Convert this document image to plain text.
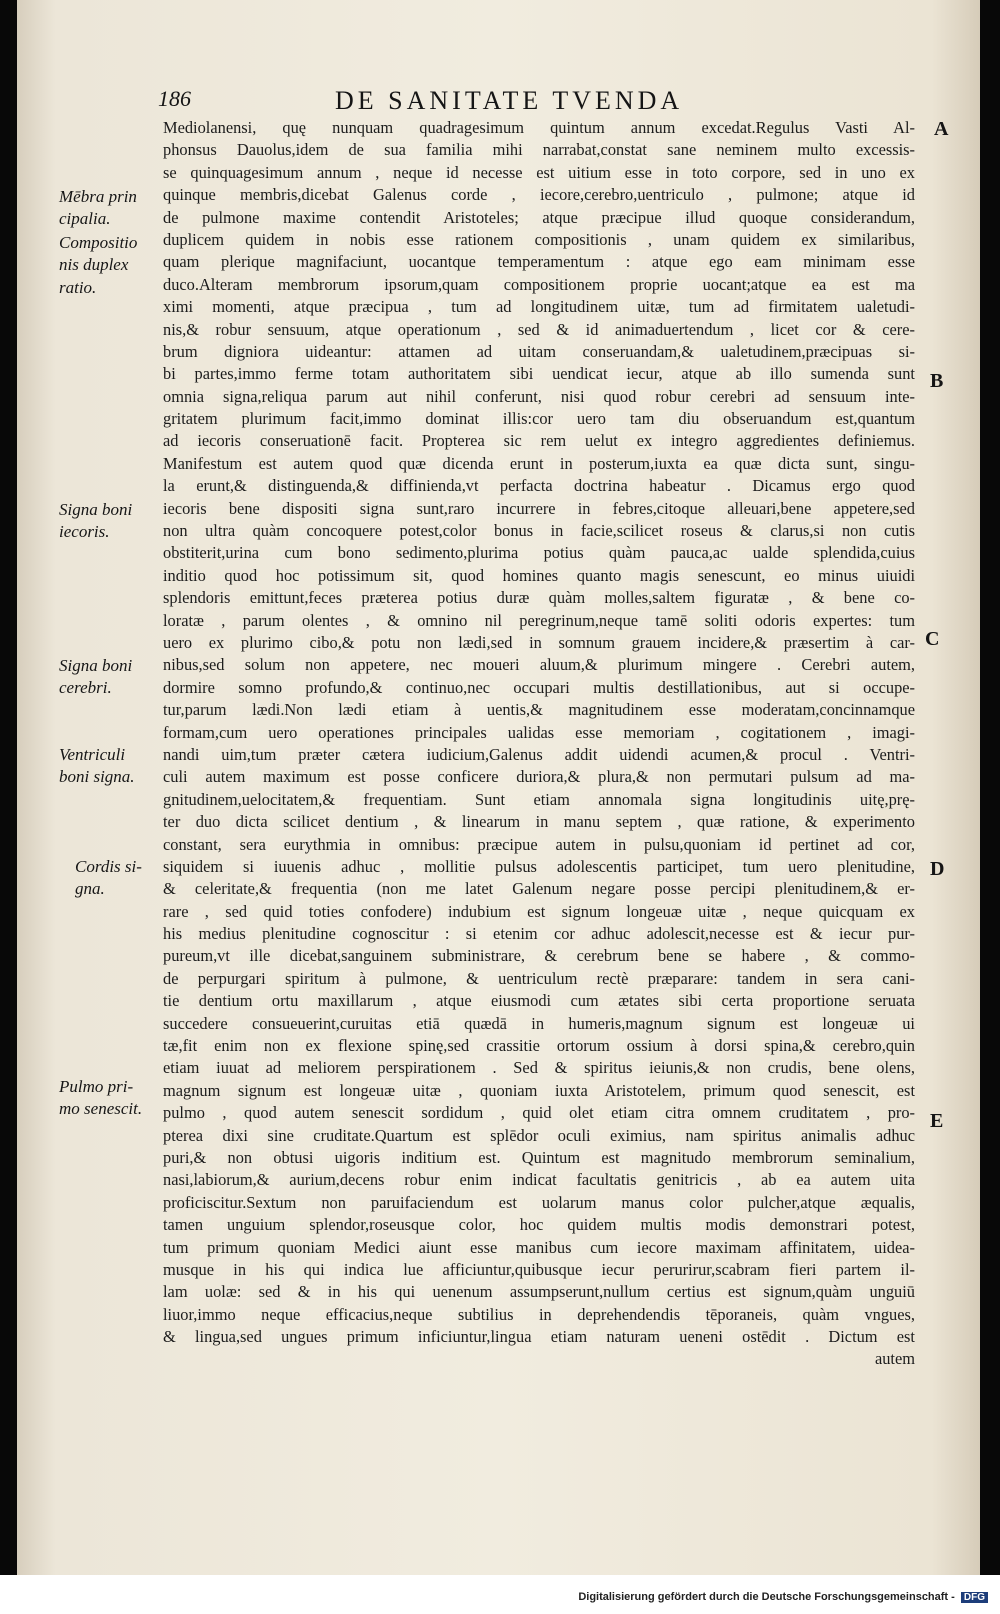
186	DE SANITATE TVENDA
Mediolanensi, quę nunquam quadragesimum quintum annum excedat.Regulus Vasti Al-
phonsus Dauolus,idem de sua familia mihi narrabat,constat sane neminem multo excessis-
se quinquagesimum annum , neque id necesse est uitium esse in toto corpore, sed in uno ex
quinque membris,dicebat Galenus corde , iecore,cerebro,uentriculo , pulmone; atque id
de pulmone maxime contendit Aristoteles; atque præcipue illud quoque considerandum,
duplicem quidem in nobis esse rationem compositionis , unam quidem ex similaribus,
quam plerique magnifaciunt, uocantque temperamentum : atque ego eam minimam esse
duco.Alteram membrorum ipsorum,quam compositionem proprie uocant;atque ea est ma
ximi momenti, atque præcipua , tum ad longitudinem uitæ, tum ad firmitatem ualetudi-
nis,& robur sensuum, atque operationum , sed & id animaduertendum , licet cor & cere-
brum digniora uideantur: attamen ad uitam conseruandam,& ualetudinem,præcipuas si-
bi partes,immo ferme totam authoritatem sibi uendicat iecur, atque ab illo sumenda sunt
omnia signa,reliqua parum aut nihil conferunt, nisi quod robur cerebri ad sensuum inte-
gritatem plurimum facit,immo dominat illis:cor uero tam diu obseruandum est,quantum
ad iecoris conseruationē facit. Propterea sic rem uelut ex integro aggredientes definiemus.
Manifestum est autem quod quæ dicenda erunt in posterum,iuxta ea quæ dicta sunt, singu-
la erunt,& distinguenda,& diffinienda,vt perfacta doctrina habeatur . Dicamus ergo quod
iecoris bene dispositi signa sunt,raro incurrere in febres,citoque alleuari,bene appetere,sed
non ultra quàm concoquere potest,color bonus in facie,scilicet roseus & clarus,si non cutis
obstiterit,urina cum bono sedimento,plurima potius quàm pauca,ac ualde splendida,cuius
inditio quod hoc potissimum sit, quod homines quanto magis senescunt, eo minus uiuidi
splendoris emittunt,feces præterea potius duræ quàm molles,saltem figuratæ , & bene co-
loratæ , parum olentes , & omnino nil peregrinum,neque tamē soliti odoris expertes: tum
uero ex plurimo cibo,& potu non lædi,sed in somnum grauem incidere,& præsertim à car-
nibus,sed solum non appetere, nec moueri aluum,& plurimum mingere . Cerebri autem,
dormire somno profundo,& continuo,nec occupari multis destillationibus, aut si occupe-
tur,parum lædi.Non lædi etiam à uentis,& magnitudinem esse moderatam,concinnamque
formam,cum uero operationes principales ualidas esse memoriam , cogitationem , imagi-
nandi uim,tum præter cætera iudicium,Galenus addit uidendi acumen,& procul . Ventri-
culi autem maximum est posse conficere duriora,& plura,& non permutari pulsum ad ma-
gnitudinem,uelocitatem,& frequentiam. Sunt etiam annomala signa longitudinis uitę,prę-
ter duo dicta scilicet dentium , & linearum in manu septem , quæ ratione, & experimento
constant, sera eurythmia in omnibus: præcipue autem in pulsu,quoniam id pertinet ad cor,
siquidem si iuuenis adhuc , mollitie pulsus adolescentis participet, tum uero plenitudine,
& celeritate,& frequentia (non me latet Galenum negare posse percipi plenitudinem,& er-
rare , sed quid toties confodere) indubium est signum longeuæ uitæ , neque quicquam ex
his medius plenitudine cognoscitur : si etenim cor adhuc adolescit,necesse est & iecur pur-
pureum,vt ille dicebat,sanguinem subministrare, & cerebrum bene se habere , & commo-
de perpurgari spiritum à pulmone, & uentriculum rectè præparare: tandem in sera cani-
tie dentium ortu maxillarum , atque eiusmodi cum ætates sibi certa proportione seruata
succedere consueuerint,curuitas etiā quædā in humeris,magnum signum est longeuæ ui
tæ,fit enim non ex flexione spinę,sed crassitie ortorum ossium à dorsi spina,& cerebro,quin
etiam iuuat ad meliorem perspirationem . Sed & spiritus ieiunis,& non crudis, bene olens,
magnum signum est longeuæ uitæ , quoniam iuxta Aristotelem, primum quod senescit, est
pulmo , quod autem senescit sordidum , quid olet etiam citra omnem cruditatem , pro-
pterea dixi sine cruditate.Quartum est splēdor oculi eximius, nam spiritus animalis adhuc
puri,& non obtusi uigoris inditium est. Quintum est magnitudo membrorum seminalium,
nasi,labiorum,& aurium,decens robur enim indicat facultatis genitricis , ab ea autem uita
proficiscitur.Sextum non paruifaciendum est uolarum manus color pulcher,atque æqualis,
tamen unguium splendor,roseusque color, hoc quidem multis modis demonstrari potest,
tum primum quoniam Medici aiunt esse manibus cum iecore maximam affinitatem, uidea-
musque in his qui indica lue afficiuntur,quibusque iecur perurirur,scabram fieri partem il-
lam uolæ: sed & in his qui uenenum assumpserunt,nullum certius est signum,quàm unguiū
liuor,immo neque efficacius,neque subtilius in deprehendendis tēporaneis, quàm vngues,
& lingua,sed ungues primum inficiuntur,lingua etiam naturam ueneni ostēdit . Dictum est
autem
Mēbra prin
cipalia.
Compositio
nis duplex
ratio.
Signa boni
iecoris.
Signa boni
cerebri.
Ventriculi
boni signa.
Cordis si-
gna.
Pulmo pri-
mo senescit.
A
B
C
D
E
Digitalisierung gefördert durch die Deutsche Forschungsgemeinschaft - DFG
